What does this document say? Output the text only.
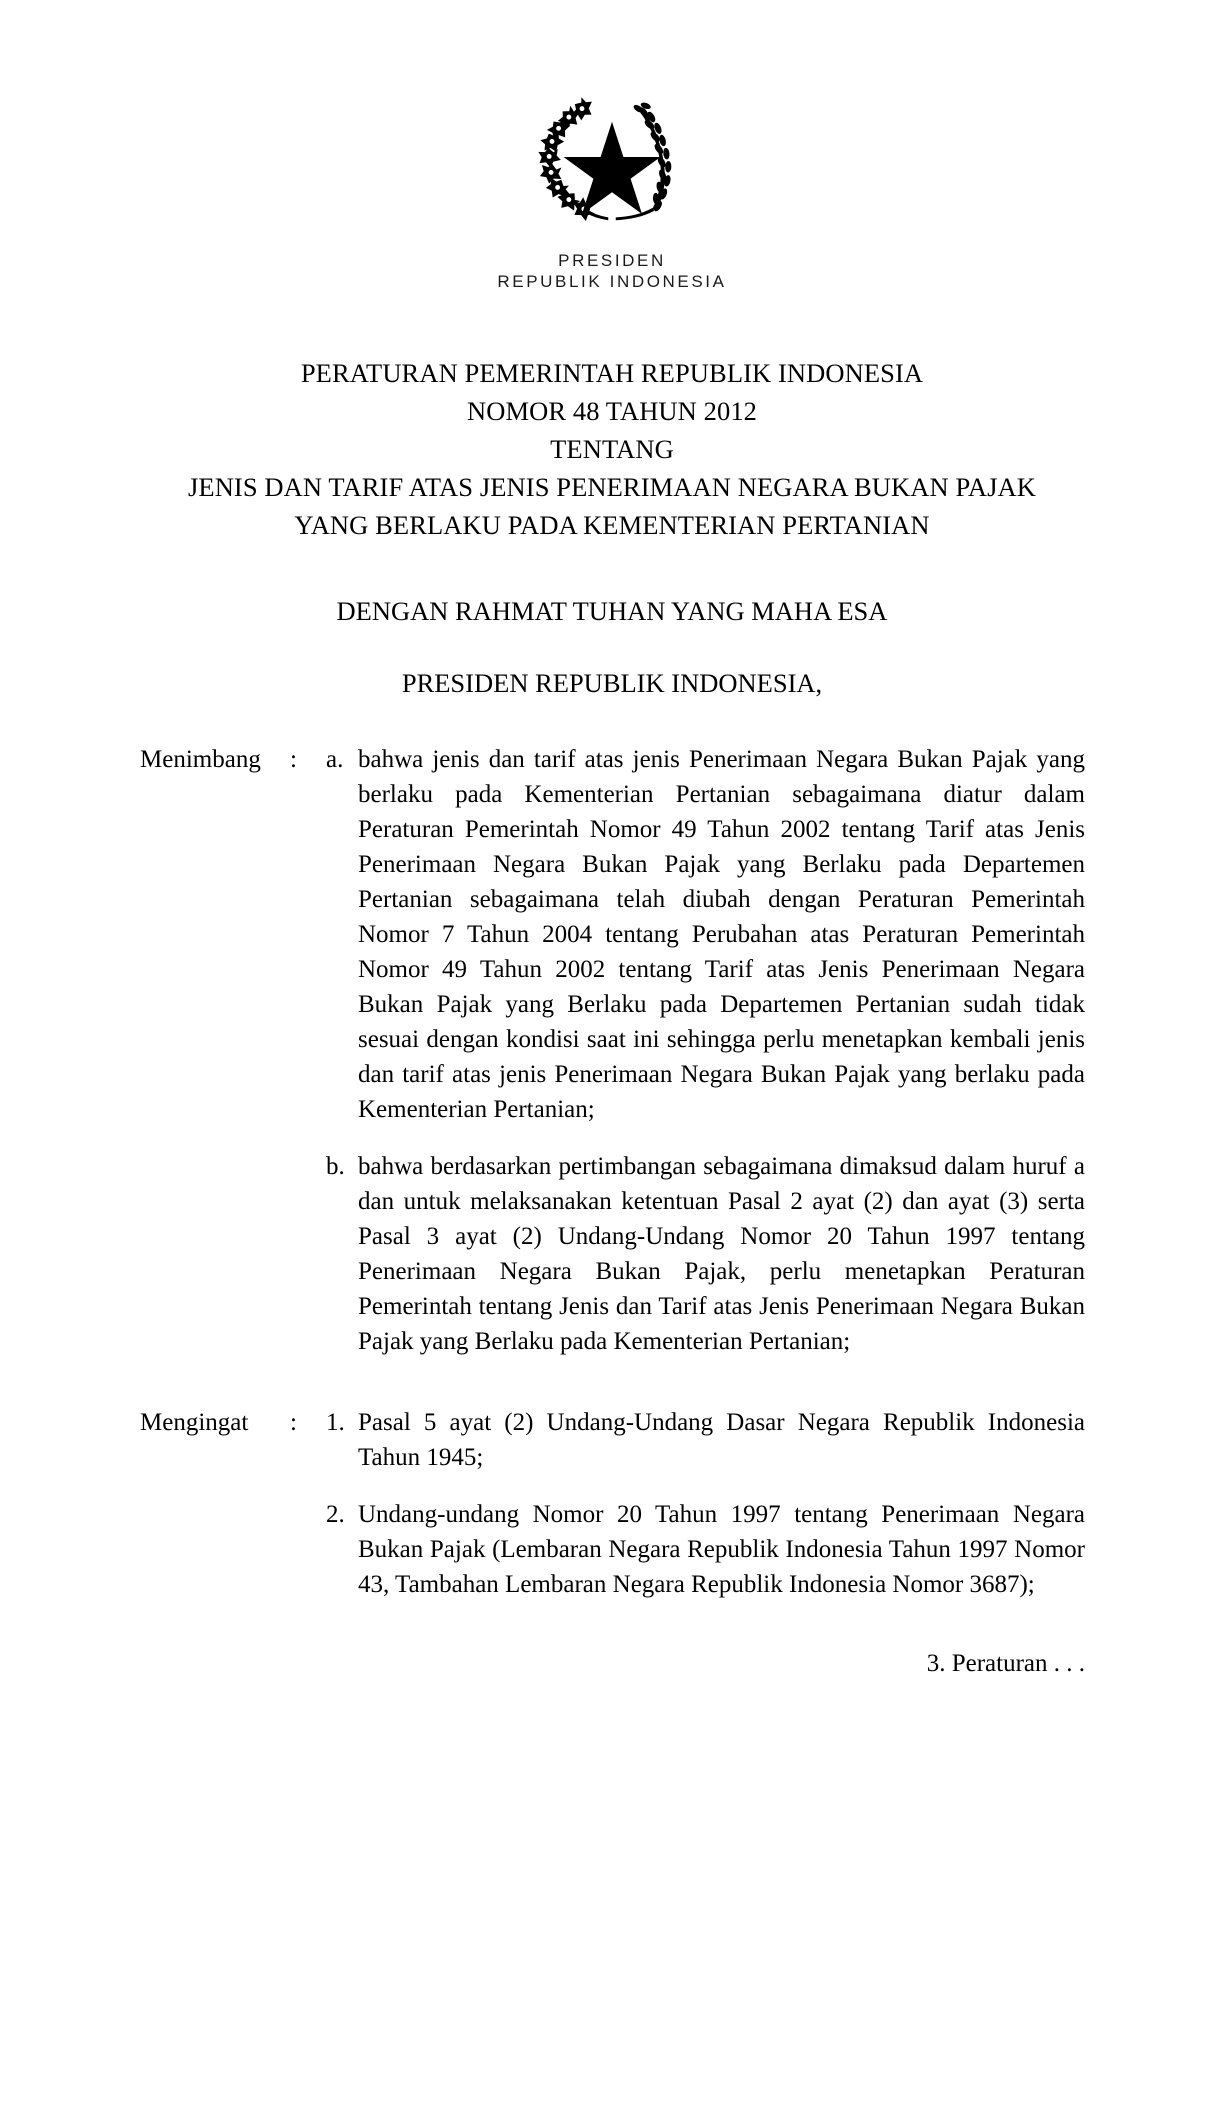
PRESIDEN
REPUBLIK INDONESIA
PERATURAN PEMERINTAH REPUBLIK INDONESIA
NOMOR 48 TAHUN 2012
TENTANG
JENIS DAN TARIF ATAS JENIS PENERIMAAN NEGARA BUKAN PAJAK
YANG BERLAKU PADA KEMENTERIAN PERTANIAN
DENGAN RAHMAT TUHAN YANG MAHA ESA
PRESIDEN REPUBLIK INDONESIA,
Menimbang	:	a. bahwa jenis dan tarif atas jenis Penerimaan Negara Bukan Pajak yang berlaku pada Kementerian Pertanian sebagaimana diatur dalam Peraturan Pemerintah Nomor 49 Tahun 2002 tentang Tarif atas Jenis Penerimaan Negara Bukan Pajak yang Berlaku pada Departemen Pertanian sebagaimana telah diubah dengan Peraturan Pemerintah Nomor 7 Tahun 2004 tentang Perubahan atas Peraturan Pemerintah Nomor 49 Tahun 2002 tentang Tarif atas Jenis Penerimaan Negara Bukan Pajak yang Berlaku pada Departemen Pertanian sudah tidak sesuai dengan kondisi saat ini sehingga perlu menetapkan kembali jenis dan tarif atas jenis Penerimaan Negara Bukan Pajak yang berlaku pada Kementerian Pertanian;
b. bahwa berdasarkan pertimbangan sebagaimana dimaksud dalam huruf a dan untuk melaksanakan ketentuan Pasal 2 ayat (2) dan ayat (3) serta Pasal 3 ayat (2) Undang-Undang Nomor 20 Tahun 1997 tentang Penerimaan Negara Bukan Pajak, perlu menetapkan Peraturan Pemerintah tentang Jenis dan Tarif atas Jenis Penerimaan Negara Bukan Pajak yang Berlaku pada Kementerian Pertanian;
Mengingat	:	1. Pasal 5 ayat (2) Undang-Undang Dasar Negara Republik Indonesia Tahun 1945;
2. Undang-undang Nomor 20 Tahun 1997 tentang Penerimaan Negara Bukan Pajak (Lembaran Negara Republik Indonesia Tahun 1997 Nomor 43, Tambahan Lembaran Negara Republik Indonesia Nomor 3687);
3. Peraturan . . .
